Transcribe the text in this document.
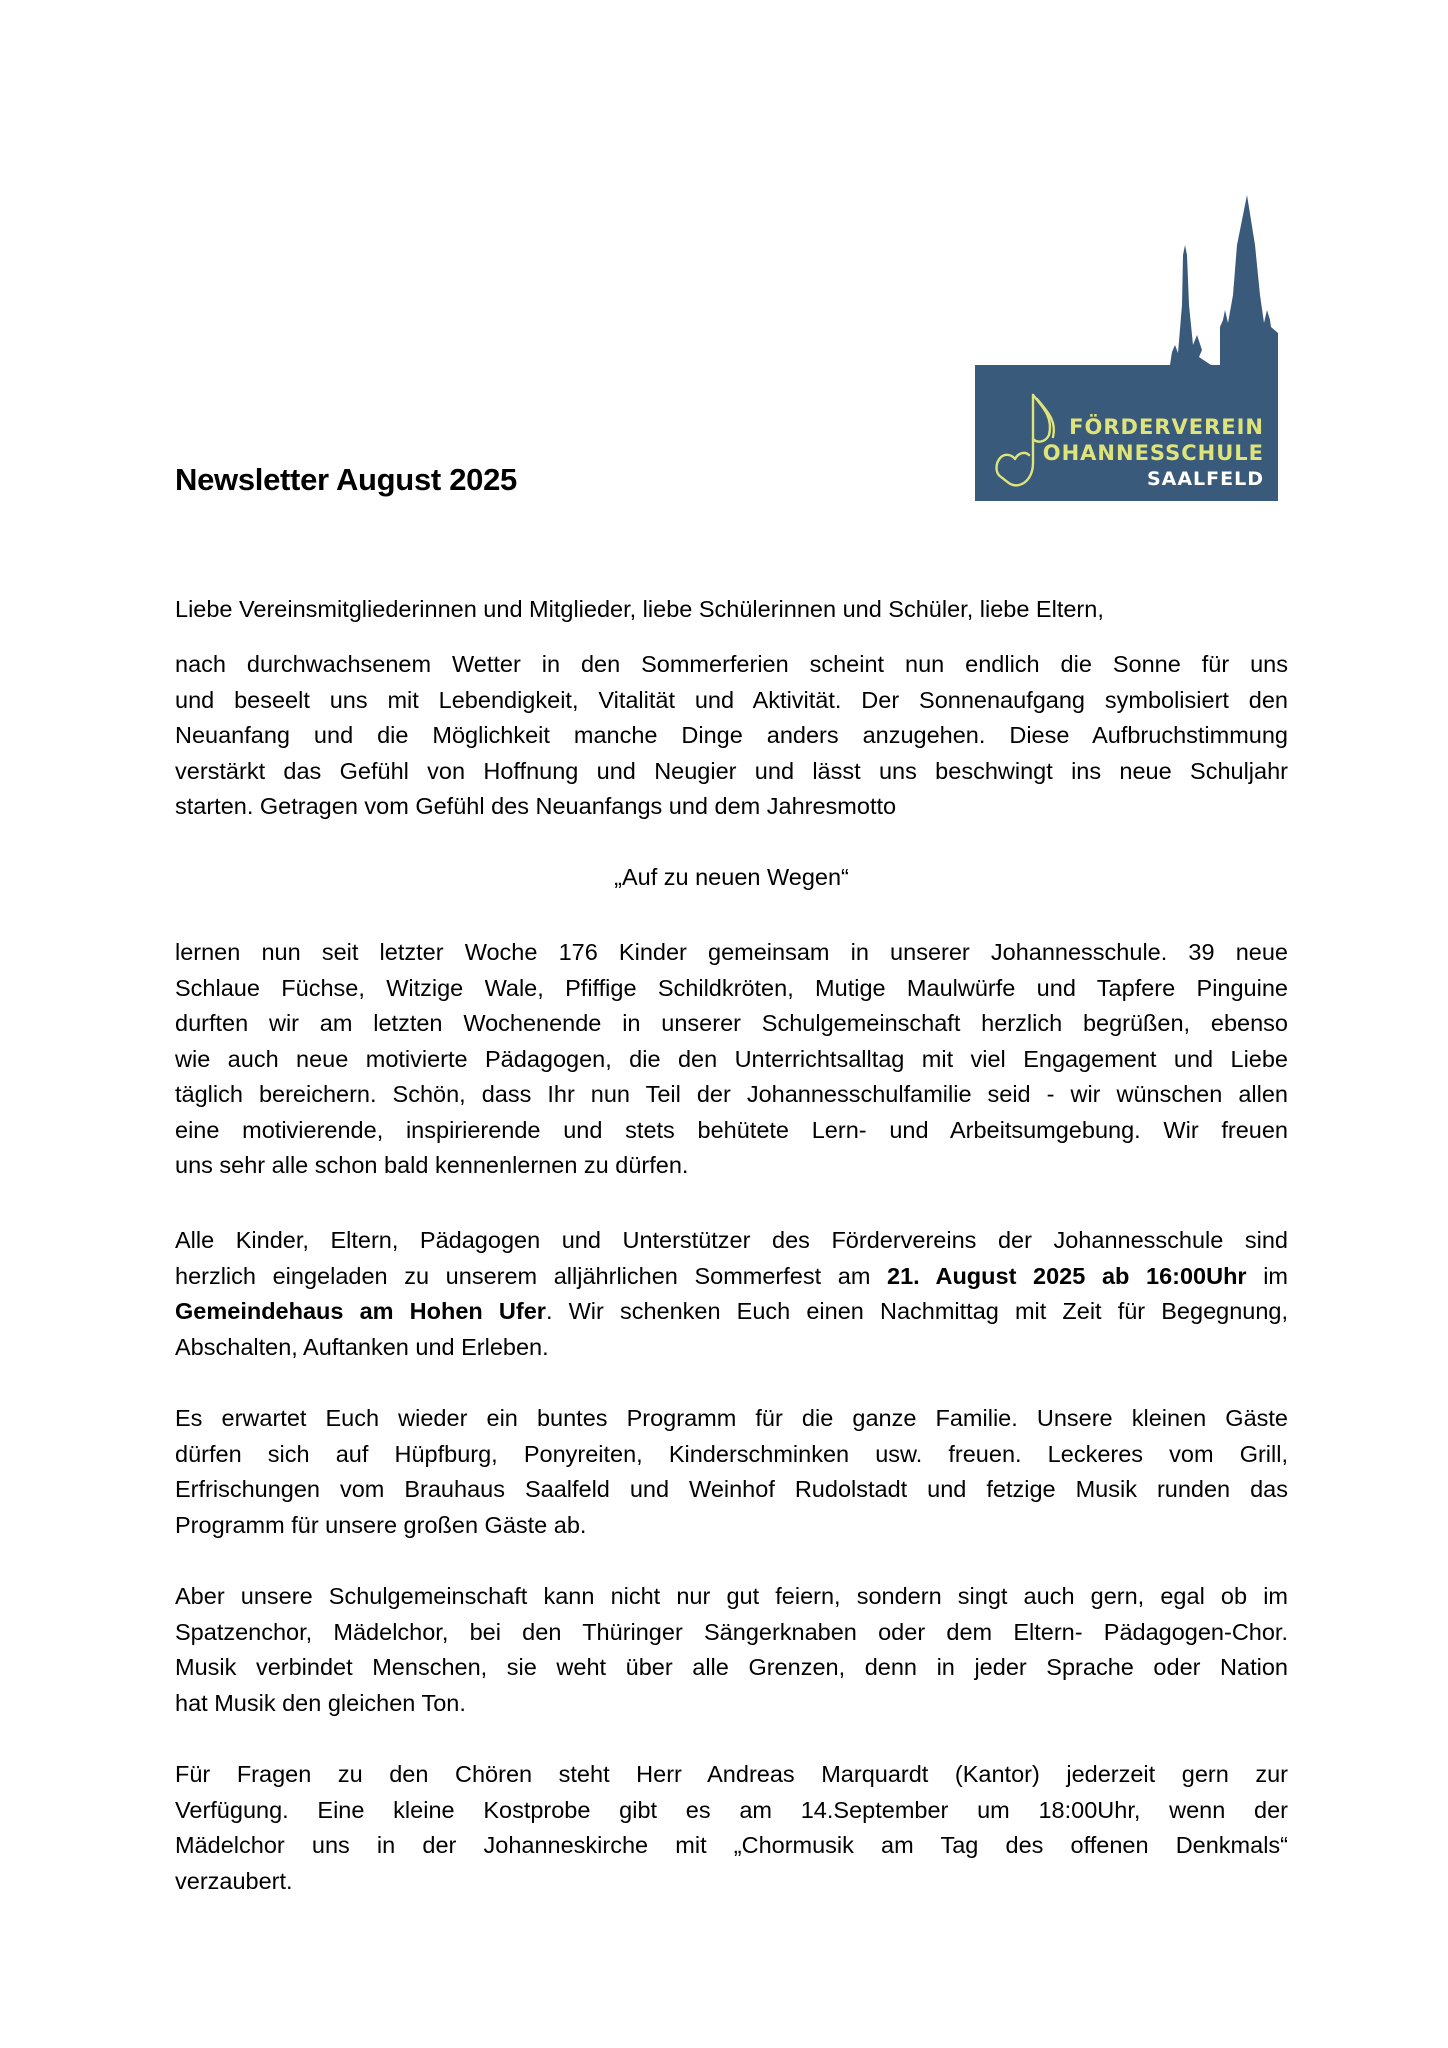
FÖRDERVEREIN
OHANNESSCHULE
SAALFELD
Newsletter August 2025
Liebe Vereinsmitgliederinnen und Mitglieder, liebe Schülerinnen und Schüler, liebe Eltern,
nach durchwachsenem Wetter in den Sommerferien scheint nun endlich die Sonne für uns
und beseelt uns mit Lebendigkeit, Vitalität und Aktivität. Der Sonnenaufgang symbolisiert den
Neuanfang und die Möglichkeit manche Dinge anders anzugehen. Diese Aufbruchstimmung
verstärkt das Gefühl von Hoffnung und Neugier und lässt uns beschwingt ins neue Schuljahr
starten. Getragen vom Gefühl des Neuanfangs und dem Jahresmotto
„Auf zu neuen Wegen“
lernen nun seit letzter Woche 176 Kinder gemeinsam in unserer Johannesschule. 39 neue
Schlaue Füchse, Witzige Wale, Pfiffige Schildkröten, Mutige Maulwürfe und Tapfere Pinguine
durften wir am letzten Wochenende in unserer Schulgemeinschaft herzlich begrüßen, ebenso
wie auch neue motivierte Pädagogen, die den Unterrichtsalltag mit viel Engagement und Liebe
täglich bereichern. Schön, dass Ihr nun Teil der Johannesschulfamilie seid - wir wünschen allen
eine motivierende, inspirierende und stets behütete Lern- und Arbeitsumgebung. Wir freuen
uns sehr alle schon bald kennenlernen zu dürfen.
Alle Kinder, Eltern, Pädagogen und Unterstützer des Fördervereins der Johannesschule sind
herzlich eingeladen zu unserem alljährlichen Sommerfest am 21. August 2025 ab 16:00Uhr im
Gemeindehaus am Hohen Ufer. Wir schenken Euch einen Nachmittag mit Zeit für Begegnung,
Abschalten, Auftanken und Erleben.
Es erwartet Euch wieder ein buntes Programm für die ganze Familie. Unsere kleinen Gäste
dürfen sich auf Hüpfburg, Ponyreiten, Kinderschminken usw. freuen. Leckeres vom Grill,
Erfrischungen vom Brauhaus Saalfeld und Weinhof Rudolstadt und fetzige Musik runden das
Programm für unsere großen Gäste ab.
Aber unsere Schulgemeinschaft kann nicht nur gut feiern, sondern singt auch gern, egal ob im
Spatzenchor, Mädelchor, bei den Thüringer Sängerknaben oder dem Eltern- Pädagogen-Chor.
Musik verbindet Menschen, sie weht über alle Grenzen, denn in jeder Sprache oder Nation
hat Musik den gleichen Ton.
Für Fragen zu den Chören steht Herr Andreas Marquardt (Kantor) jederzeit gern zur
Verfügung. Eine kleine Kostprobe gibt es am 14.September um 18:00Uhr, wenn der
Mädelchor uns in der Johanneskirche mit „Chormusik am Tag des offenen Denkmals“
verzaubert.
